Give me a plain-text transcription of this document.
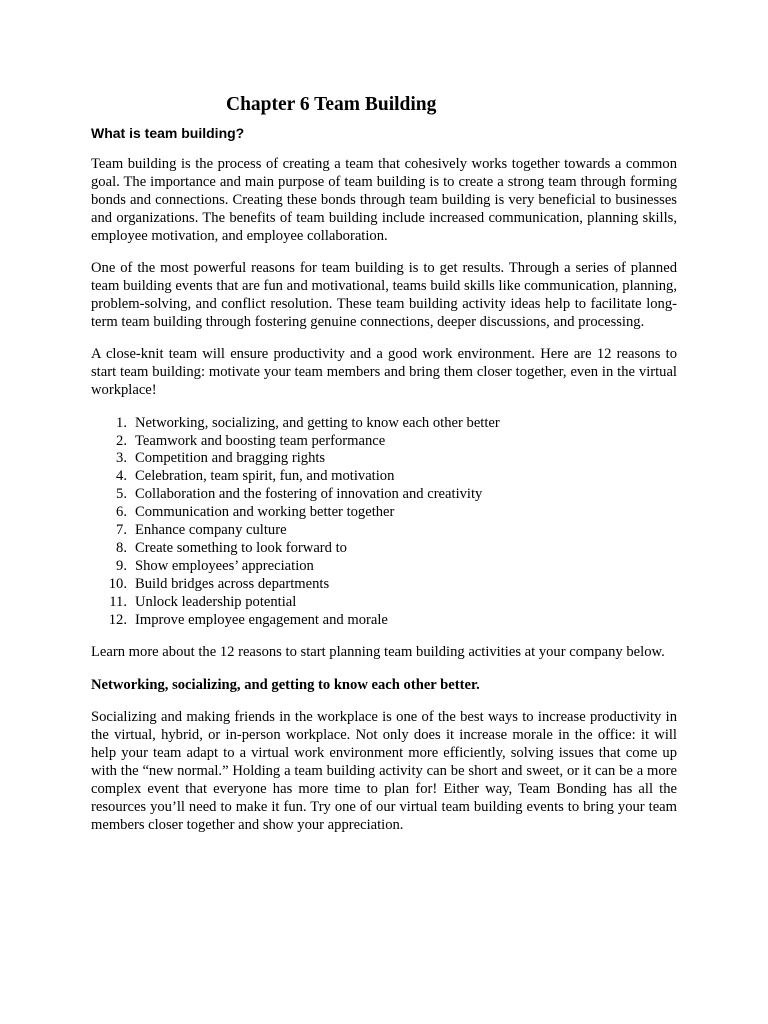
Chapter 6 Team Building
What is team building?

Team building is the process of creating a team that cohesively works together towards a common goal. The importance and main purpose of team building is to create a strong team through forming bonds and connections. Creating these bonds through team building is very beneficial to businesses and organizations. The benefits of team building include increased communication, planning skills, employee motivation, and employee collaboration.

One of the most powerful reasons for team building is to get results. Through a series of planned team building events that are fun and motivational, teams build skills like communication, planning, problem-solving, and conflict resolution. These team building activity ideas help to facilitate long-term team building through fostering genuine connections, deeper discussions, and processing.

A close-knit team will ensure productivity and a good work environment. Here are 12 reasons to start team building: motivate your team members and bring them closer together, even in the virtual workplace!

1. Networking, socializing, and getting to know each other better
2. Teamwork and boosting team performance
3. Competition and bragging rights
4. Celebration, team spirit, fun, and motivation
5. Collaboration and the fostering of innovation and creativity
6. Communication and working better together
7. Enhance company culture
8. Create something to look forward to
9. Show employees’ appreciation
10. Build bridges across departments
11. Unlock leadership potential
12. Improve employee engagement and morale

Learn more about the 12 reasons to start planning team building activities at your company below.

Networking, socializing, and getting to know each other better.

Socializing and making friends in the workplace is one of the best ways to increase productivity in the virtual, hybrid, or in-person workplace. Not only does it increase morale in the office: it will help your team adapt to a virtual work environment more efficiently, solving issues that come up with the “new normal.” Holding a team building activity can be short and sweet, or it can be a more complex event that everyone has more time to plan for! Either way, Team Bonding has all the resources you’ll need to make it fun. Try one of our virtual team building events to bring your team members closer together and show your appreciation.
